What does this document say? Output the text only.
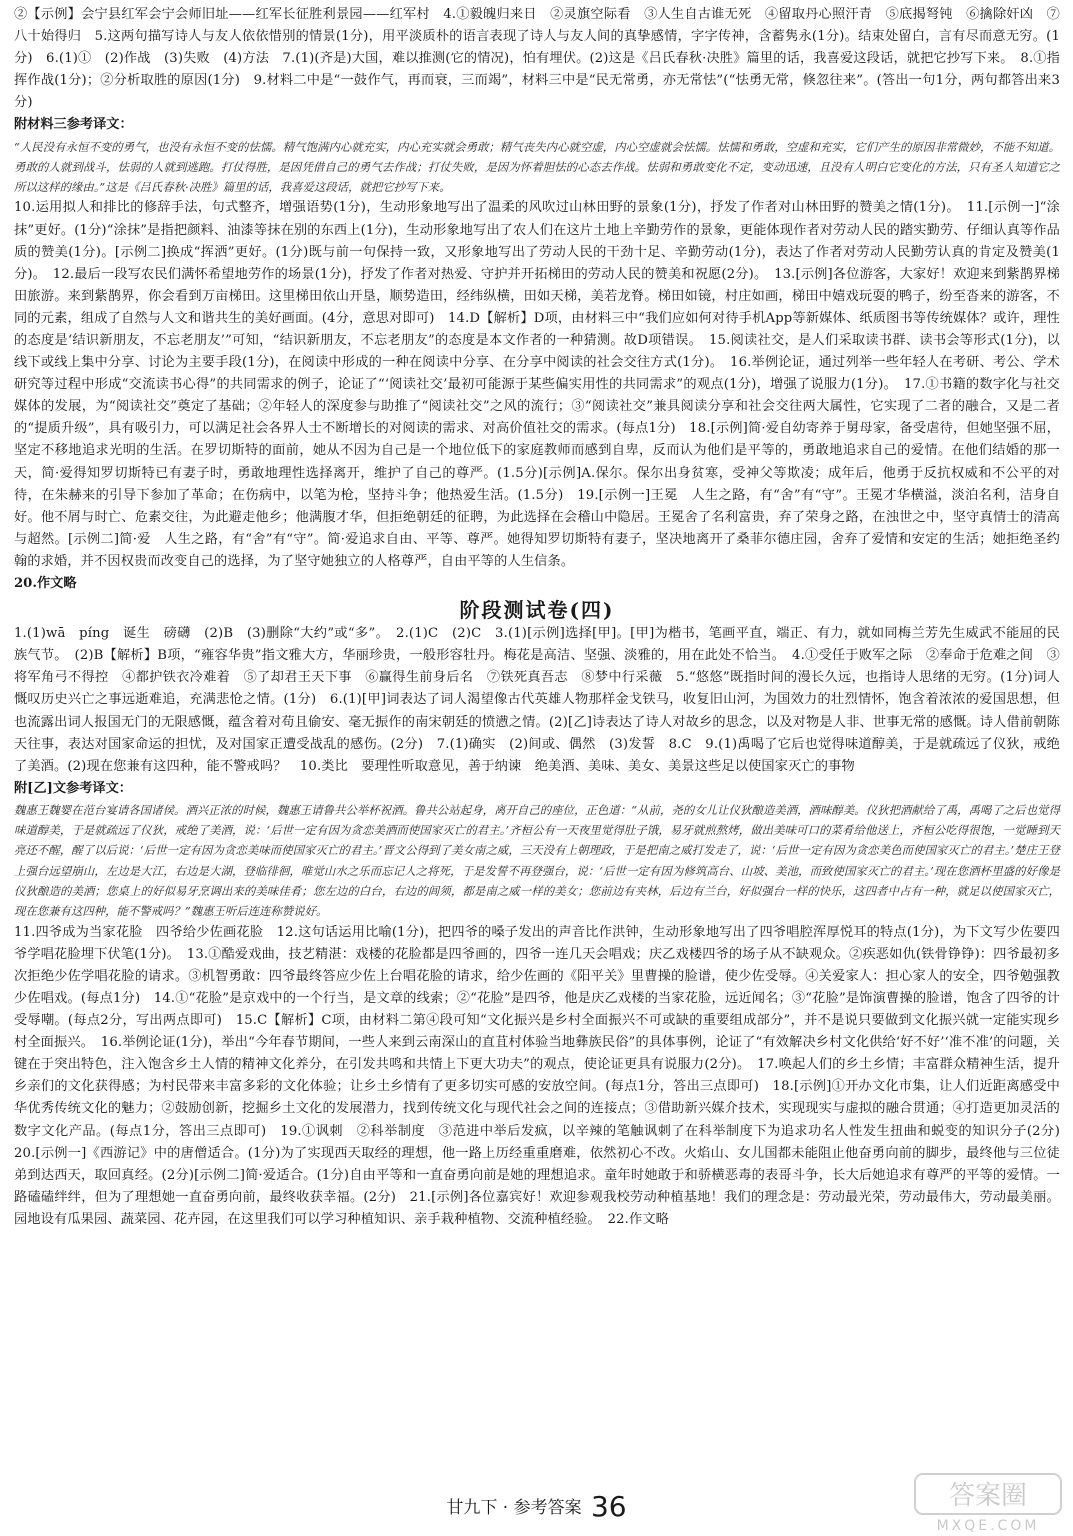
②【示例】会宁县红军会宁会师旧址——红军长征胜利景园——红军村　4.①毅魄归来日　②灵旗空际看　③人生自古谁无死　④留取丹心照汗青　⑤底揭弩钝　⑥擒除奸凶　⑦八十始得归　5.这两句描写诗人与友人依依惜别的情景(1分)，用平淡质朴的语言表现了诗人与友人间的真挚感情，字字传神，含蓄隽永(1分)。结束处留白，言有尽而意无穷。(1分)　6.(1)①　(2)作战　(3)失败　(4)方法　7.(1)(齐是)大国，难以推测(它的情况)，怕有埋伏。(2)这是《吕氏春秋·决胜》篇里的话，我喜爱这段话，就把它抄写下来。　8.①指挥作战(1分)；②分析取胜的原因(1分)　9.材料二中是“一鼓作气，再而衰，三而竭”，材料三中是“民无常勇，亦无常怯”(“怯勇无常，倏忽往来”。(答出一句1分，两句都答出来3分)

附材料三参考译文：

“人民没有永恒不变的勇气，也没有永恒不变的怯懦。精气饱满内心就充实，内心充实就会勇敢；精气丧失内心就空虚，内心空虚就会怯懦。怯懦和勇敢，空虚和充实，它们产生的原因非常微妙，不能不知道。勇敢的人就到战斗，怯弱的人就到逃跑。打仗得胜，是因凭借自己的勇气去作战；打仗失败，是因为怀着胆怯的心态去作战。怯弱和勇敢变化不定，变动迅速，且没有人明白它变化的方法，只有圣人知道它之所以这样的缘由。”这是《吕氏春秋·决胜》篇里的话，我喜爱这段话，就把它抄写下来。

10.运用拟人和排比的修辞手法，句式整齐，增强语势(1分)，生动形象地写出了温柔的风吹过山林田野的景象(1分)，抒发了作者对山林田野的赞美之情(1分)。　11.[示例一]“涂抹”更好。(1分)“涂抹”是指把颜料、油漆等抹在别的东西上(1分)，生动形象地写出了农人们在这片土地上辛勤劳作的景象，更能体现作者对劳动人民的踏实勤劳、仔细认真等作品质的赞美(1分)。[示例二]换成“挥洒”更好。(1分)既与前一句保持一致，又形象地写出了劳动人民的干劲十足、辛勤劳动(1分)，表达了作者对劳动人民勤劳认真的肯定及赞美(1分)。　12.最后一段写农民们满怀希望地劳作的场景(1分)，抒发了作者对热爱、守护并开拓梯田的劳动人民的赞美和祝愿(2分)。　13.[示例]各位游客，大家好！欢迎来到紫鹊界梯田旅游。来到紫鹊界，你会看到万亩梯田。这里梯田依山开垦，顺势造田，经纬纵横，田如天梯，美若龙脊。梯田如镜，村庄如画，梯田中嬉戏玩耍的鸭子，纷至沓来的游客，不同的元素，组成了自然与人文和谐共生的美好画面。(4分，意思对即可)　14.D【解析】D项，由材料三中“我们应如何对待手机App等新媒体、纸质图书等传统媒体？或许，理性的态度是‘结识新朋友，不忘老朋友’”可知，“结识新朋友，不忘老朋友”的态度是本文作者的一种猜测。故D项错误。　15.阅读社交，是人们采取读书群、读书会等形式(1分)，以线下或线上集中分享、讨论为主要手段(1分)，在阅读中形成的一种在阅读中分享、在分享中阅读的社会交往方式(1分)。　16.举例论证，通过列举一些年轻人在考研、考公、学术研究等过程中形成“交流读书心得”的共同需求的例子，论证了“‘阅读社交’最初可能源于某些偏实用性的共同需求”的观点(1分)，增强了说服力(1分)。　17.①书籍的数字化与社交媒体的发展，为“阅读社交”奠定了基础；②年轻人的深度参与助推了“阅读社交”之风的流行；③“阅读社交”兼具阅读分享和社会交往两大属性，它实现了二者的融合，又是二者的“提质升级”，具有吸引力，可以满足社会各界人士不断增长的对阅读的需求、对高价值社交的需求。(每点1分)　18.[示例]简·爱自幼寄养于舅母家，备受虐待，但她坚强不屈，坚定不移地追求光明的生活。在罗切斯特的面前，她从不因为自己是一个地位低下的家庭教师而感到自卑，反而认为他们是平等的，勇敢地追求自己的爱情。在他们结婚的那一天，简·爱得知罗切斯特已有妻子时，勇敢地理性选择离开，维护了自己的尊严。(1.5分)[示例]A.保尔。保尔出身贫寒，受神父等欺凌；成年后，他勇于反抗权威和不公平的对待，在朱赫来的引导下参加了革命；在伤病中，以笔为枪，坚持斗争；他热爱生活。(1.5分)　19.[示例一]王冕　人生之路，有“舍”有“守”。王冕才华横溢，淡泊名利，洁身自好。他不屑与时亡、危素交往，为此避走他乡；他满腹才华，但拒绝朝廷的征聘，为此选择在会稽山中隐居。王冕舍了名利富贵，弃了荣身之路，在浊世之中，坚守真情士的清高与超然。[示例二]简·爱　人生之路，有“舍”有“守”。简·爱追求自由、平等、尊严。她得知罗切斯特有妻子，坚决地离开了桑菲尔德庄园，舍弃了爱情和安定的生活；她拒绝圣约翰的求婚，并不因权贵而改变自己的选择，为了坚守她独立的人格尊严，自由平等的人生信条。

20.作文略

阶段测试卷(四)

1.(1)wā　píng　诞生　磅礴　(2)B　(3)删除“大约”或“多”。　2.(1)C　(2)C　3.(1)[示例]选择[甲]。[甲]为楷书，笔画平直，端正、有力，就如同梅兰芳先生威武不能屈的民族气节。　(2)B【解析】B项，“雍容华贵”指文雅大方，华丽珍贵，一般形容牡丹。梅花是高洁、坚强、淡雅的，用在此处不恰当。　4.①受任于败军之际　②奉命于危难之间　③将军角弓不得控　④都护铁衣冷难着　⑤了却君王天下事　⑥赢得生前身后名　⑦铁死真吾志　⑧梦中行采薇　5.“悠悠”既指时间的漫长久远，也指诗人思绪的无穷。(1分)词人慨叹历史兴亡之事远逝难追，充满悲怆之情。(1分)　6.(1)[甲]词表达了词人渴望像古代英雄人物那样金戈铁马，收复旧山河，为国效力的壮烈情怀，饱含着浓浓的爱国思想，但也流露出词人报国无门的无限感慨，蕴含着对苟且偷安、毫无振作的南宋朝廷的愤懑之情。(2)[乙]诗表达了诗人对故乡的思念，以及对物是人非、世事无常的感慨。诗人借前朝陈天往事，表达对国家命运的担忧，及对国家正遭受战乱的感伤。(2分)　7.(1)确实　(2)间或、偶然　(3)发誓　8.C　9.(1)禹喝了它后也觉得味道醇美，于是就疏远了仪狄，戒绝了美酒。(2)现在您兼有这四种，能不警戒吗？　10.类比　要理性听取意见，善于纳谏　绝美酒、美味、美女、美景这些足以使国家灭亡的事物

附[乙]文参考译文：

魏惠王魏婴在范台宴请各国诸侯。酒兴正浓的时候，魏惠王请鲁共公举杯祝酒。鲁共公站起身，离开自己的座位，正色道：“从前，尧的女儿让仪狄酿造美酒，酒味醇美。仪狄把酒献给了禹，禹喝了之后也觉得味道醇美，于是就疏远了仪狄，戒绝了美酒，说：‘后世一定有因为贪恋美酒而使国家灭亡的君主。’齐桓公有一天夜里觉得肚子饿，易牙就煎熬烤，做出美味可口的菜肴给他送上，齐桓公吃得很饱，一觉睡到天亮还不醒，醒了以后说：‘后世一定有因为贪恋美味而使国家灭亡的君主。’晋文公得到了美女南之威，三天没有上朝理政，于是把南之威打发走了，说：‘后世一定有因为贪恋美色而使国家灭亡的君主。’楚庄王登上强台远望崩山，左边是大江，右边是大湖，登临徘徊，唯觉山水之乐而忘记人之将死，于是发誓不再登强台，说：‘后世一定有因为修筑高台、山坡、美池，而致使国家灭亡的君主。’现在您酒杯里盛的好像是仪狄酿造的美酒；您桌上的好似易牙烹调出来的美味佳肴；您左边的白台，右边的闾须，都是南之威一样的美女；您前边有夹林，后边有兰台，好似强台一样的快乐，这四者中占有一种，就足以使国家灭亡，现在您兼有这四种，能不警戒吗？”魏惠王听后连连称赞说好。

11.四爷成为当家花脸　四爷给少佐画花脸　12.这句话运用比喻(1分)，把四爷的嗓子发出的声音比作洪钟，生动形象地写出了四爷唱腔浑厚悦耳的特点(1分)，为下文写少佐要四爷学唱花脸埋下伏笔(1分)。　13.①酷爱戏曲，技艺精湛：戏楼的花脸都是四爷画的，四爷一连几天会唱戏；庆乙戏楼四爷的场子从不缺观众。②疾恶如仇(铁骨铮铮)：四爷最初多次拒绝少佐学唱花脸的请求。③机智勇敢：四爷最终答应少佐上台唱花脸的请求，给少佐画的《阳平关》里曹操的脸谱，使少佐受辱。④关爱家人：担心家人的安全，四爷勉强教少佐唱戏。(每点1分)　14.①“花脸”是京戏中的一个行当，是文章的线索；②“花脸”是四爷，他是庆乙戏楼的当家花脸，远近闻名；③“花脸”是饰演曹操的脸谱，饱含了四爷的计受辱嘲。(每点2分，写出两点即可)　15.C【解析】C项，由材料二第④段可知“文化振兴是乡村全面振兴不可或缺的重要组成部分”，并不是说只要做到文化振兴就一定能实现乡村全面振兴。　16.举例论证(1分)，举出“今年春节期间，一些人来到云南深山的直苴村体验当地彝族民俗”的具体事例，论证了“有效解决乡村文化供给‘好不好’‘准不准’的问题，关键在于突出特色，注入饱含乡土人情的精神文化养分，在引发共鸣和共情上下更大功夫”的观点，使论证更具有说服力(2分)。　17.唤起人们的乡土乡情；丰富群众精神生活，提升乡亲们的文化获得感；为村民带来丰富多彩的文化体验；让乡土乡情有了更多切实可感的安放空间。(每点1分，答出三点即可)　18.[示例]①开办文化市集，让人们近距离感受中华优秀传统文化的魅力；②鼓励创新，挖掘乡土文化的发展潜力，找到传统文化与现代社会之间的连接点；③借助新兴媒介技术，实现现实与虚拟的融合贯通；④打造更加灵活的数字文化产品。(每点1分，答出三点即可)　19.①讽刺　②科举制度　③范进中举后发疯，以辛辣的笔触讽刺了在科举制度下为追求功名人性发生扭曲和蜕变的知识分子(2分)　20.[示例一]《西游记》中的唐僧适合。(1分)为了实现西天取经的理想，他一路上历经重重磨难，依然初心不改。火焰山、女儿国都未能阻止他奋勇向前的脚步，最终他与三位徒弟到达西天，取回真经。(2分)[示例二]简·爱适合。(1分)自由平等和一直奋勇向前是她的理想追求。童年时她敢于和骄横恶毒的表哥斗争，长大后她追求有尊严的平等的爱情。一路磕磕绊绊，但为了理想她一直奋勇向前，最终收获幸福。(2分)　21.[示例]各位嘉宾好！欢迎参观我校劳动种植基地！我们的理念是：劳动最光荣，劳动最伟大，劳动最美丽。园地设有瓜果园、蔬菜园、花卉园，在这里我们可以学习种植知识、亲手栽种植物、交流种植经验。　22.作文略

甘九下 · 参考答案 36	答案圈
MXQE.COM
